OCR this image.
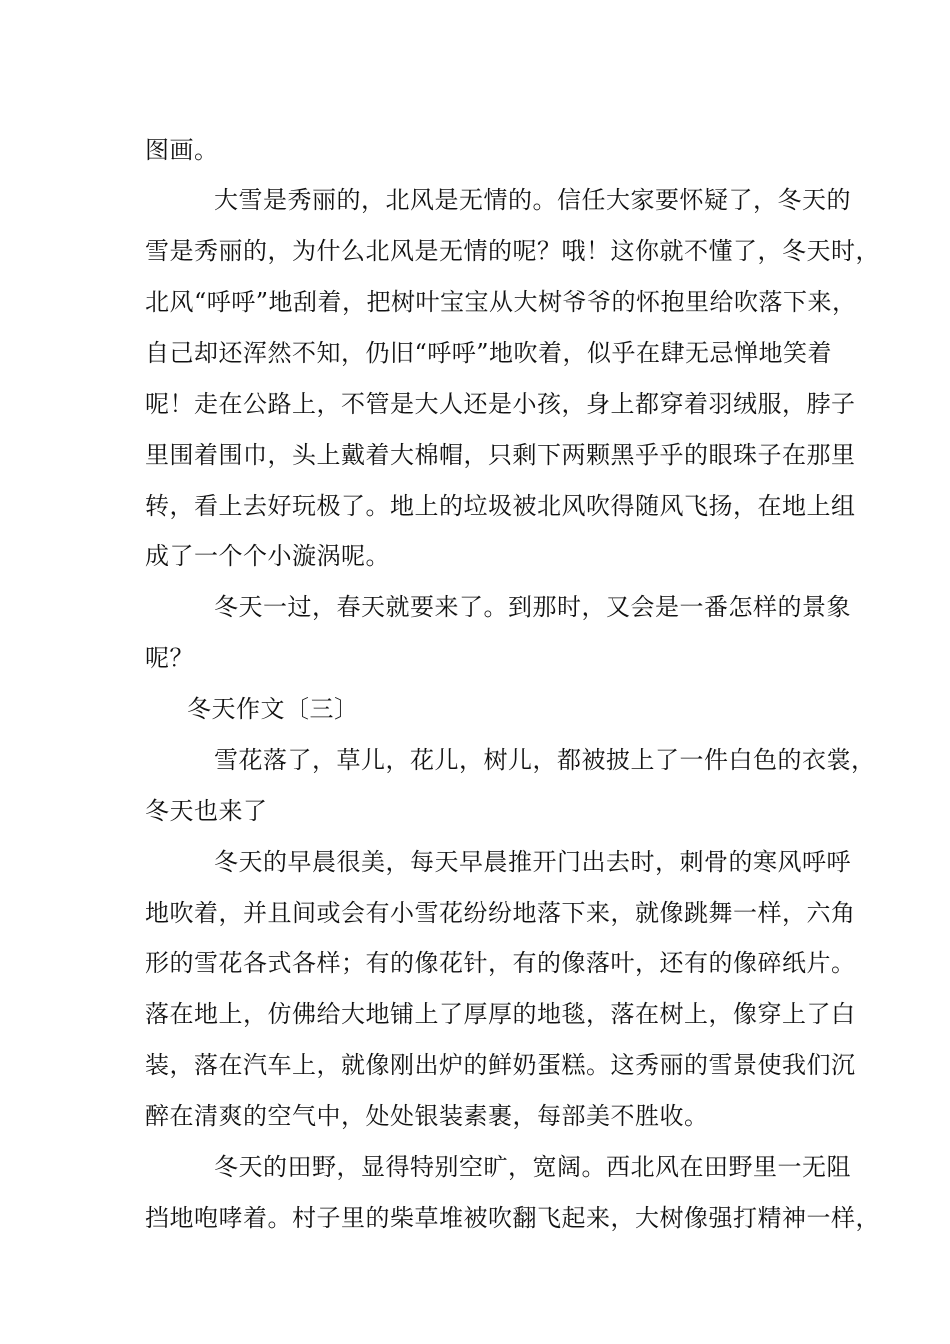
图画。
大雪是秀丽的，北风是无情的。信任大家要怀疑了，冬天的
雪是秀丽的，为什么北风是无情的呢？哦！这你就不懂了，冬天时，
北风“呼呼”地刮着，把树叶宝宝从大树爷爷的怀抱里给吹落下来，
自己却还浑然不知，仍旧“呼呼”地吹着，似乎在肆无忌惮地笑着
呢！走在公路上，不管是大人还是小孩，身上都穿着羽绒服，脖子
里围着围巾，头上戴着大棉帽，只剩下两颗黑乎乎的眼珠子在那里
转，看上去好玩极了。地上的垃圾被北风吹得随风飞扬，在地上组
成了一个个小漩涡呢。
冬天一过，春天就要来了。到那时，又会是一番怎样的景象
呢？
冬天作文〔三〕
雪花落了，草儿，花儿，树儿，都被披上了一件白色的衣裳，
冬天也来了
冬天的早晨很美，每天早晨推开门出去时，刺骨的寒风呼呼
地吹着，并且间或会有小雪花纷纷地落下来，就像跳舞一样，六角
形的雪花各式各样；有的像花针，有的像落叶，还有的像碎纸片。
落在地上，仿佛给大地铺上了厚厚的地毯，落在树上，像穿上了白
装，落在汽车上，就像刚出炉的鲜奶蛋糕。这秀丽的雪景使我们沉
醉在清爽的空气中，处处银装素裹，每部美不胜收。
冬天的田野，显得特别空旷，宽阔。西北风在田野里一无阻
挡地咆哮着。村子里的柴草堆被吹翻飞起来，大树像强打精神一样，
